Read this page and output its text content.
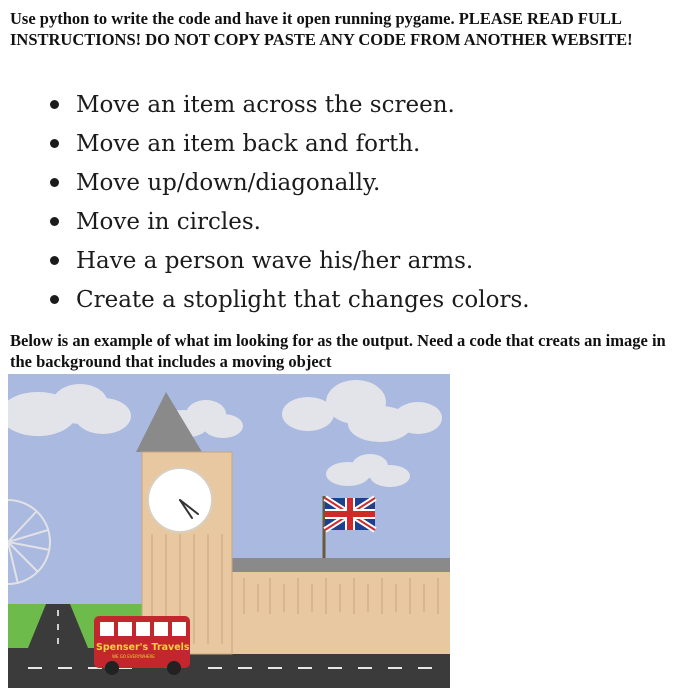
Use python to write the code and have it open running pygame. PLEASE READ FULL INSTRUCTIONS! DO NOT COPY PASTE ANY CODE FROM ANOTHER WEBSITE!
Move an item across the screen.
Move an item back and forth.
Move up/down/diagonally.
Move in circles.
Have a person wave his/her arms.
Create a stoplight that changes colors.
Below is an example of what im looking for as the output. Need a code that creats an image in the background that includes a moving object
Spenser's Travels
WE GO EVERYWHERE
